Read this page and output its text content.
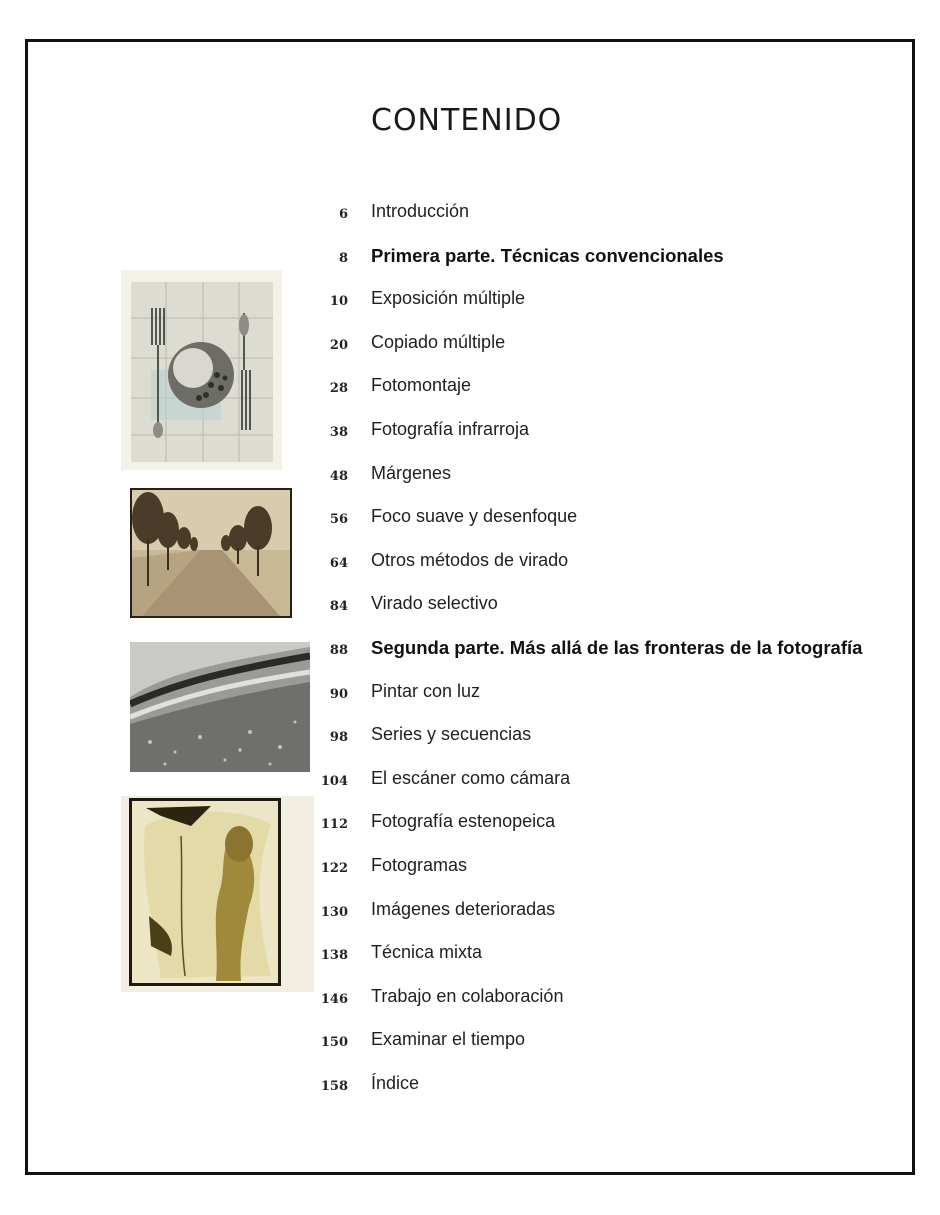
CONTENIDO
6 Introducción
8 Primera parte. Técnicas convencionales
10 Exposición múltiple
20 Copiado múltiple
28 Fotomontaje
38 Fotografía infrarroja
48 Márgenes
56 Foco suave y desenfoque
64 Otros métodos de virado
84 Virado selectivo
88 Segunda parte. Más allá de las fronteras de la fotografía
90 Pintar con luz
98 Series y secuencias
104 El escáner como cámara
112 Fotografía estenopeica
122 Fotogramas
130 Imágenes deterioradas
138 Técnica mixta
146 Trabajo en colaboración
150 Examinar el tiempo
158 Índice
